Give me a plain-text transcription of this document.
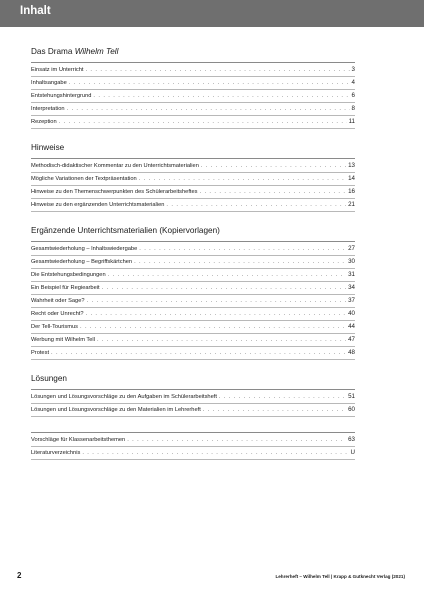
Inhalt
Das Drama Wilhelm Tell
Einsatz im Unterricht . . .	3
Inhaltsangabe . . .	4
Entstehungshintergrund . . .	6
Interpretation . . .	8
Rezeption . . .	11
Hinweise
Methodisch-didaktischer Kommentar zu den Unterrichtsmaterialien . . .	13
Mögliche Variationen der Textpräsentation . . .	14
Hinweise zu den Themenschwerpunkten des Schülerarbeitsheftes . . .	16
Hinweise zu den ergänzenden Unterrichtsmaterialien . . .	21
Ergänzende Unterrichtsmaterialien (Kopiervorlagen)
Gesamtwiederholung – Inhaltswiedergabe . . .	27
Gesamtwiederholung – Begriffskärtchen . . .	30
Die Entstehungsbedingungen . . .	31
Ein Beispiel für Regiearbeit . . .	34
Wahrheit oder Sage? . . .	37
Recht oder Unrecht? . . .	40
Der Tell-Tourismus . . .	44
Werbung mit Wilhelm Tell . . .	47
Protest . . .	48
Lösungen
Lösungen und Lösungsvorschläge zu den Aufgaben im Schülerarbeitsheft . . .	51
Lösungen und Lösungsvorschläge zu den Materialien im Lehrerheft . . .	60
Vorschläge für Klassenarbeitsthemen . . .	63
Literaturverzeichnis . . .	U
2	Lehrerheft – Wilhelm Tell | Krapp & Gutknecht Verlag (2021)
